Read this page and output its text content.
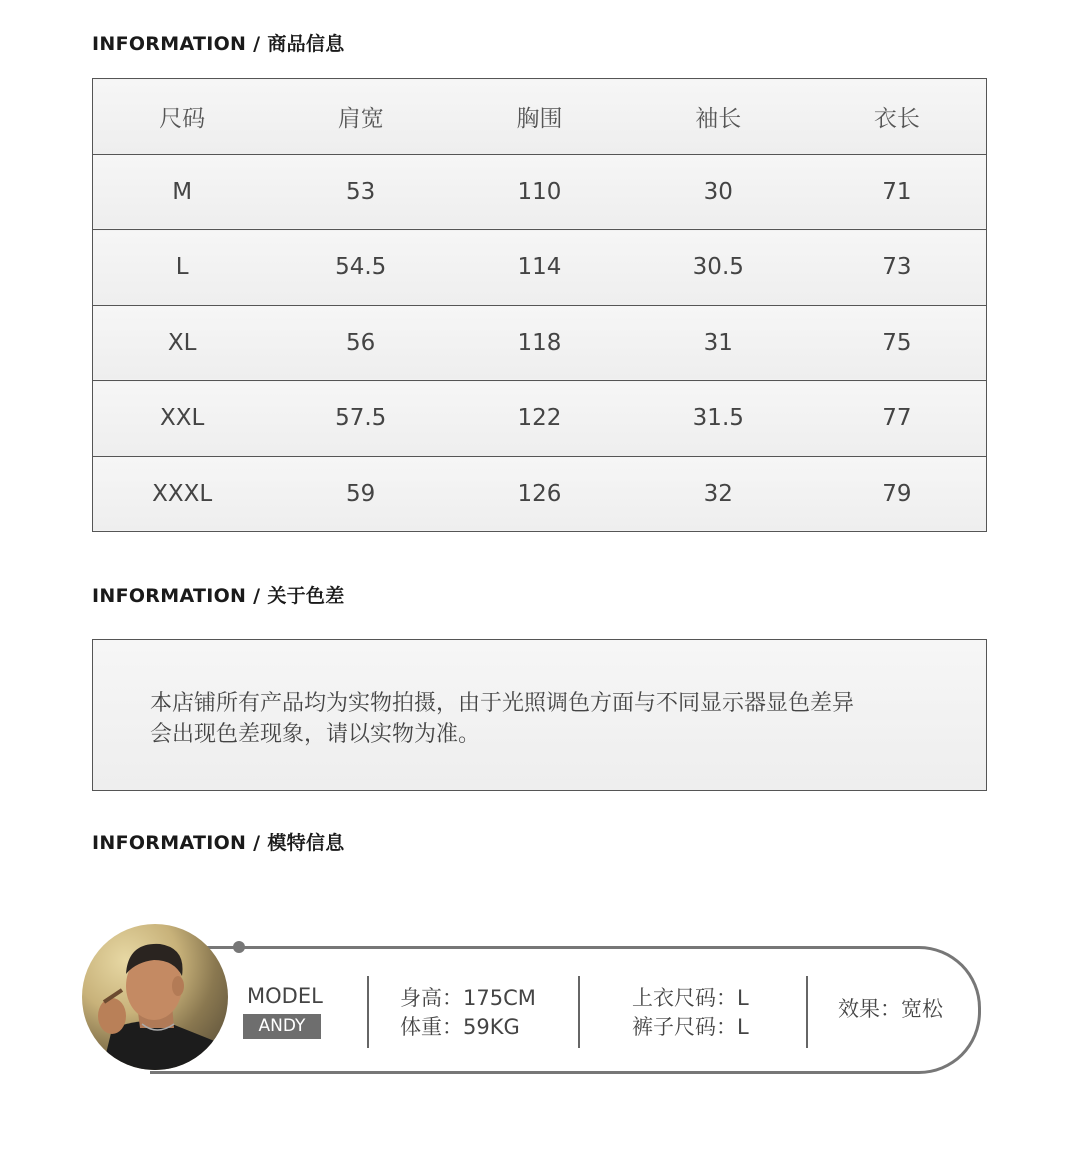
INFORMATION / 商品信息
尺码	肩宽	胸围	袖长	衣长
M	53	110	30	71
L	54.5	114	30.5	73
XL	56	118	31	75
XXL	57.5	122	31.5	77
XXXL	59	126	32	79
INFORMATION / 关于色差
本店铺所有产品均为实物拍摄，由于光照调色方面与不同显示器显色差异
会出现色差现象，请以实物为准。
INFORMATION / 模特信息
MODEL
ANDY
身高：175CM
体重：59KG
上衣尺码：L
裤子尺码：L
效果：宽松
